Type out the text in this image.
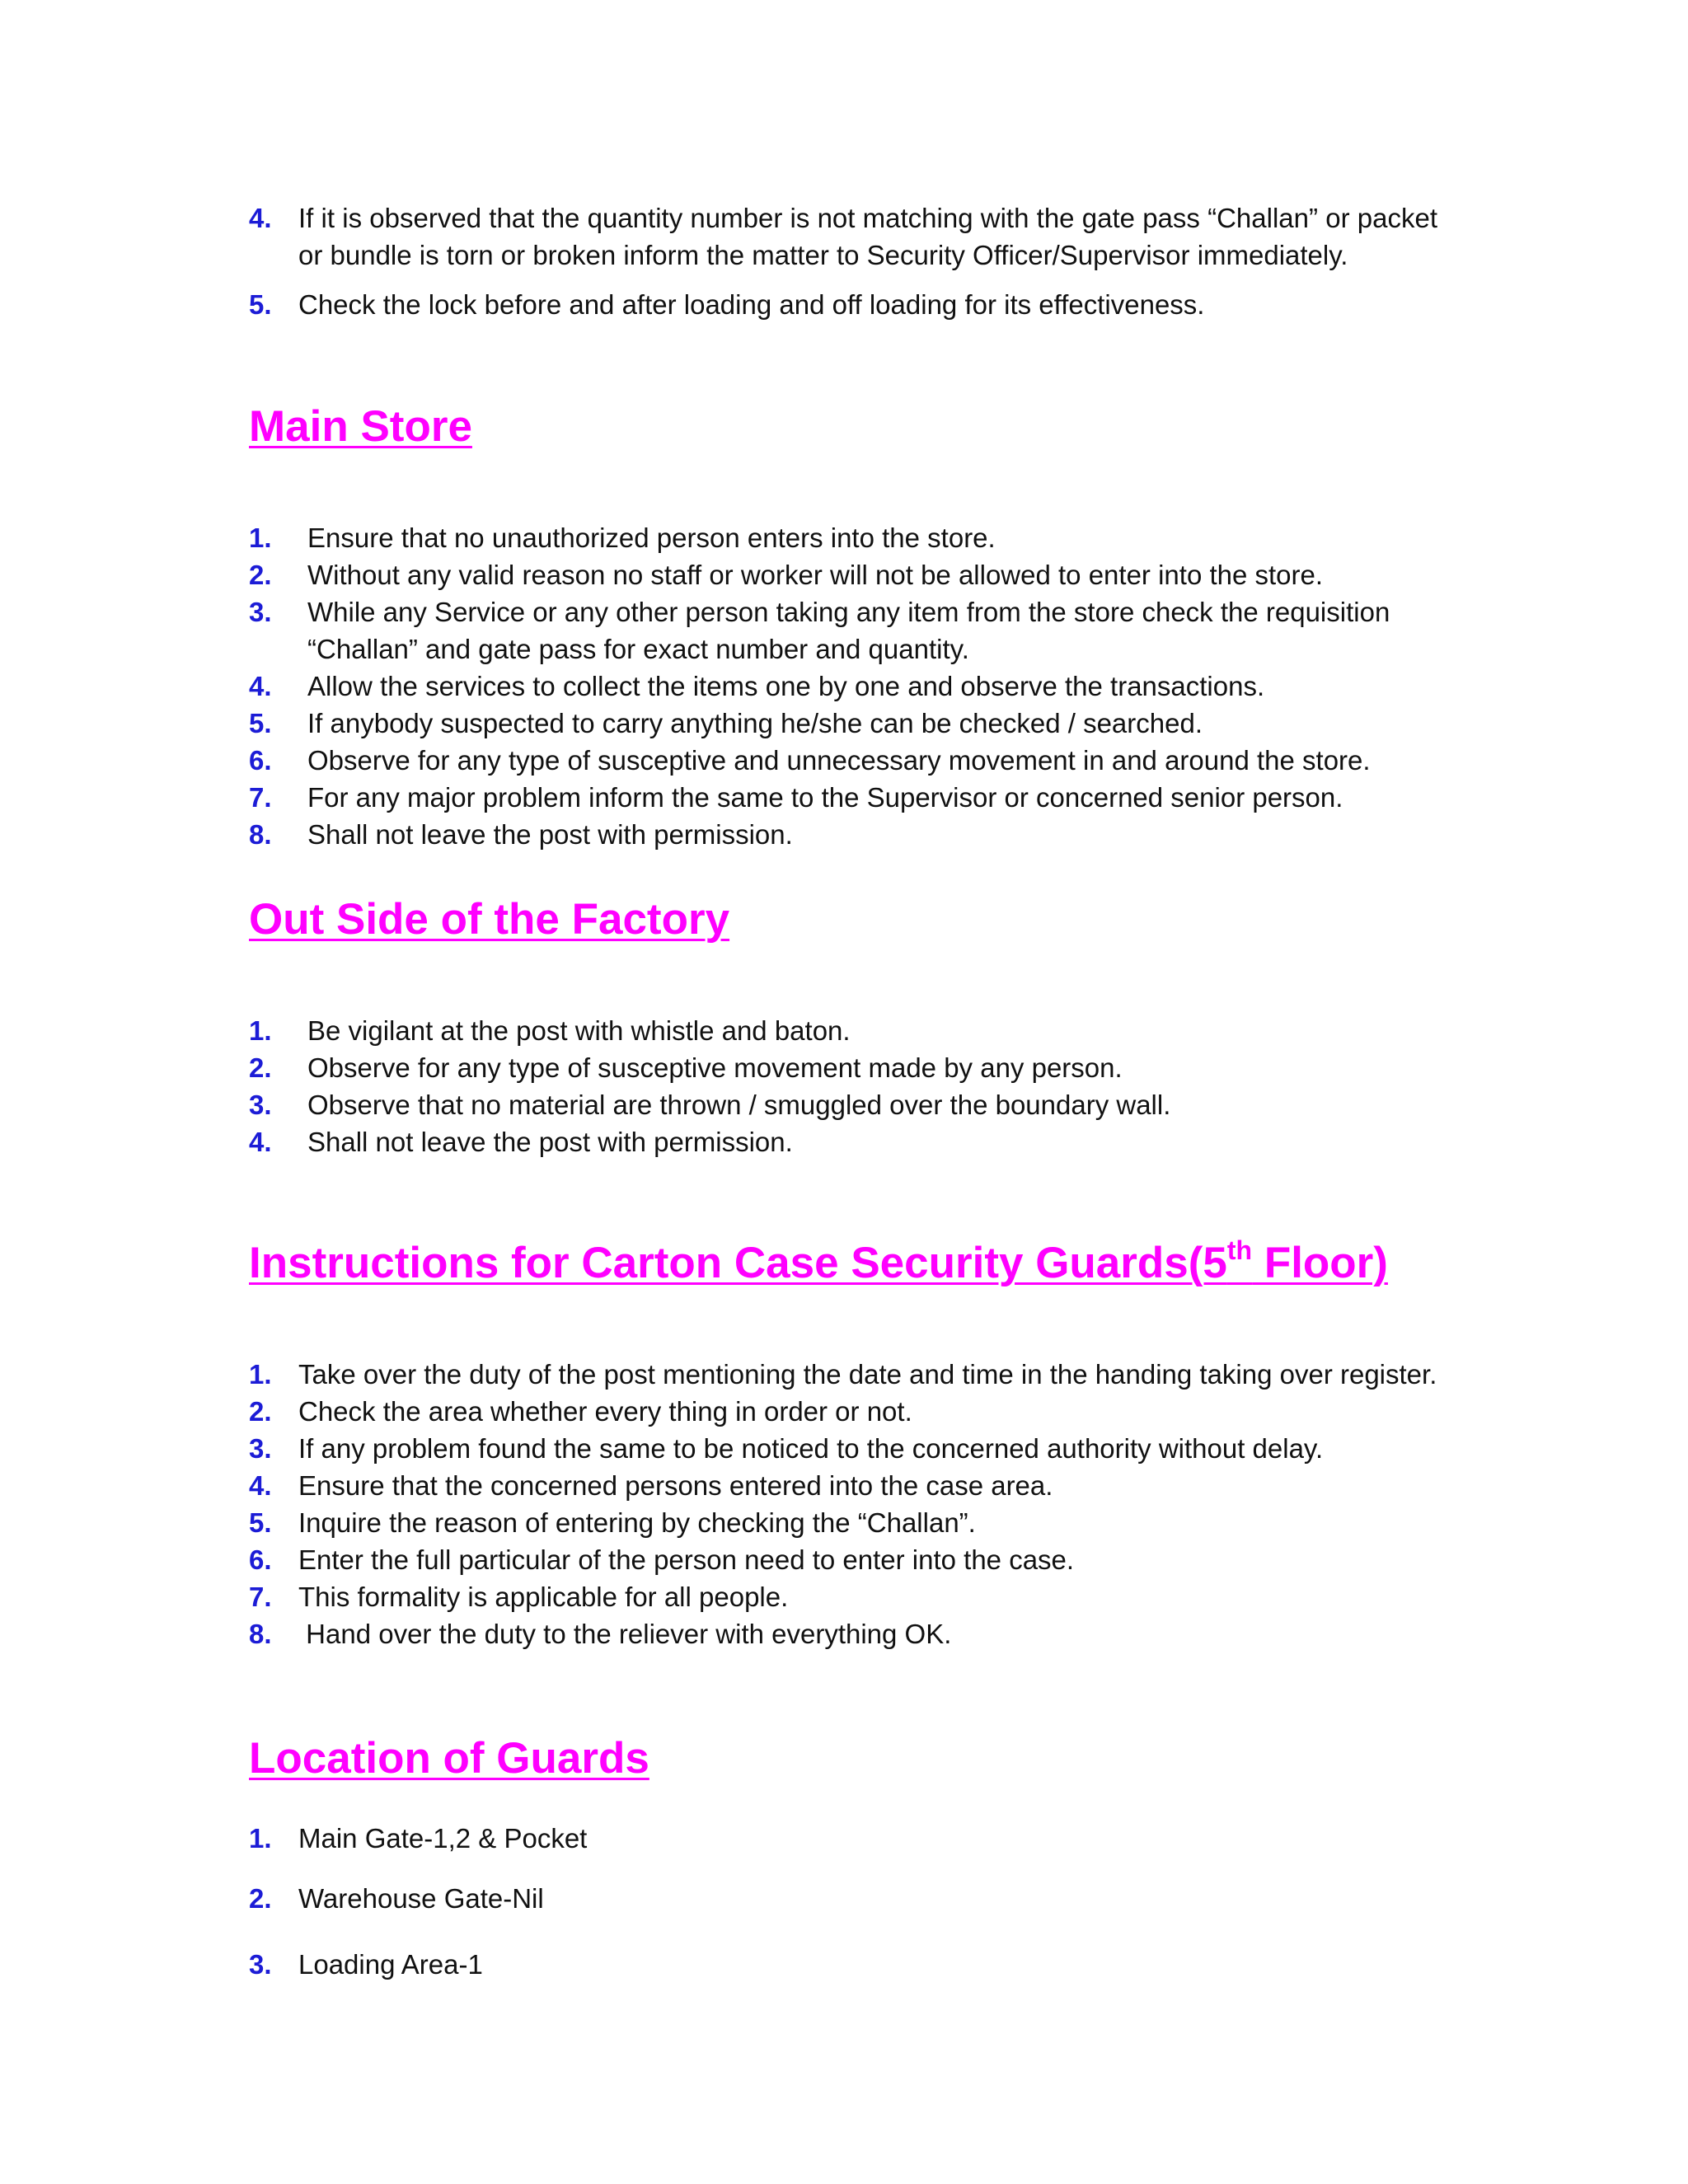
4. If it is observed that the quantity number is not matching with the gate pass “Challan” or packet or bundle is torn or broken inform the matter to Security Officer/Supervisor immediately.
5. Check the lock before and after loading and off loading for its effectiveness.
Main Store
1. Ensure that no unauthorized person enters into the store.
2. Without any valid reason no staff or worker will not be allowed to enter into the store.
3. While any Service or any other person taking any item from the store check the requisition “Challan” and gate pass for exact number and quantity.
4. Allow the services to collect the items one by one and observe the transactions.
5. If anybody suspected to carry anything he/she can be checked / searched.
6. Observe for any type of susceptive and unnecessary movement in and around the store.
7. For any major problem inform the same to the Supervisor or concerned senior person.
8. Shall not leave the post with permission.
Out Side of the Factory
1. Be vigilant at the post with whistle and baton.
2. Observe for any type of susceptive movement made by any person.
3. Observe that no material are thrown / smuggled over the boundary wall.
4. Shall not leave the post with permission.
Instructions for Carton Case Security Guards(5th Floor)
1. Take over the duty of the post mentioning the date and time in the handing taking over register.
2. Check the area whether every thing in order or not.
3. If any problem found the same to be noticed to the concerned authority without delay.
4. Ensure that the concerned persons entered into the case area.
5. Inquire the reason of entering by checking the “Challan”.
6. Enter the full particular of the person need to enter into the case.
7. This formality is applicable for all people.
8. Hand over the duty to the reliever with everything OK.
Location of Guards
1. Main Gate-1,2 & Pocket
2. Warehouse Gate-Nil
3. Loading Area-1
